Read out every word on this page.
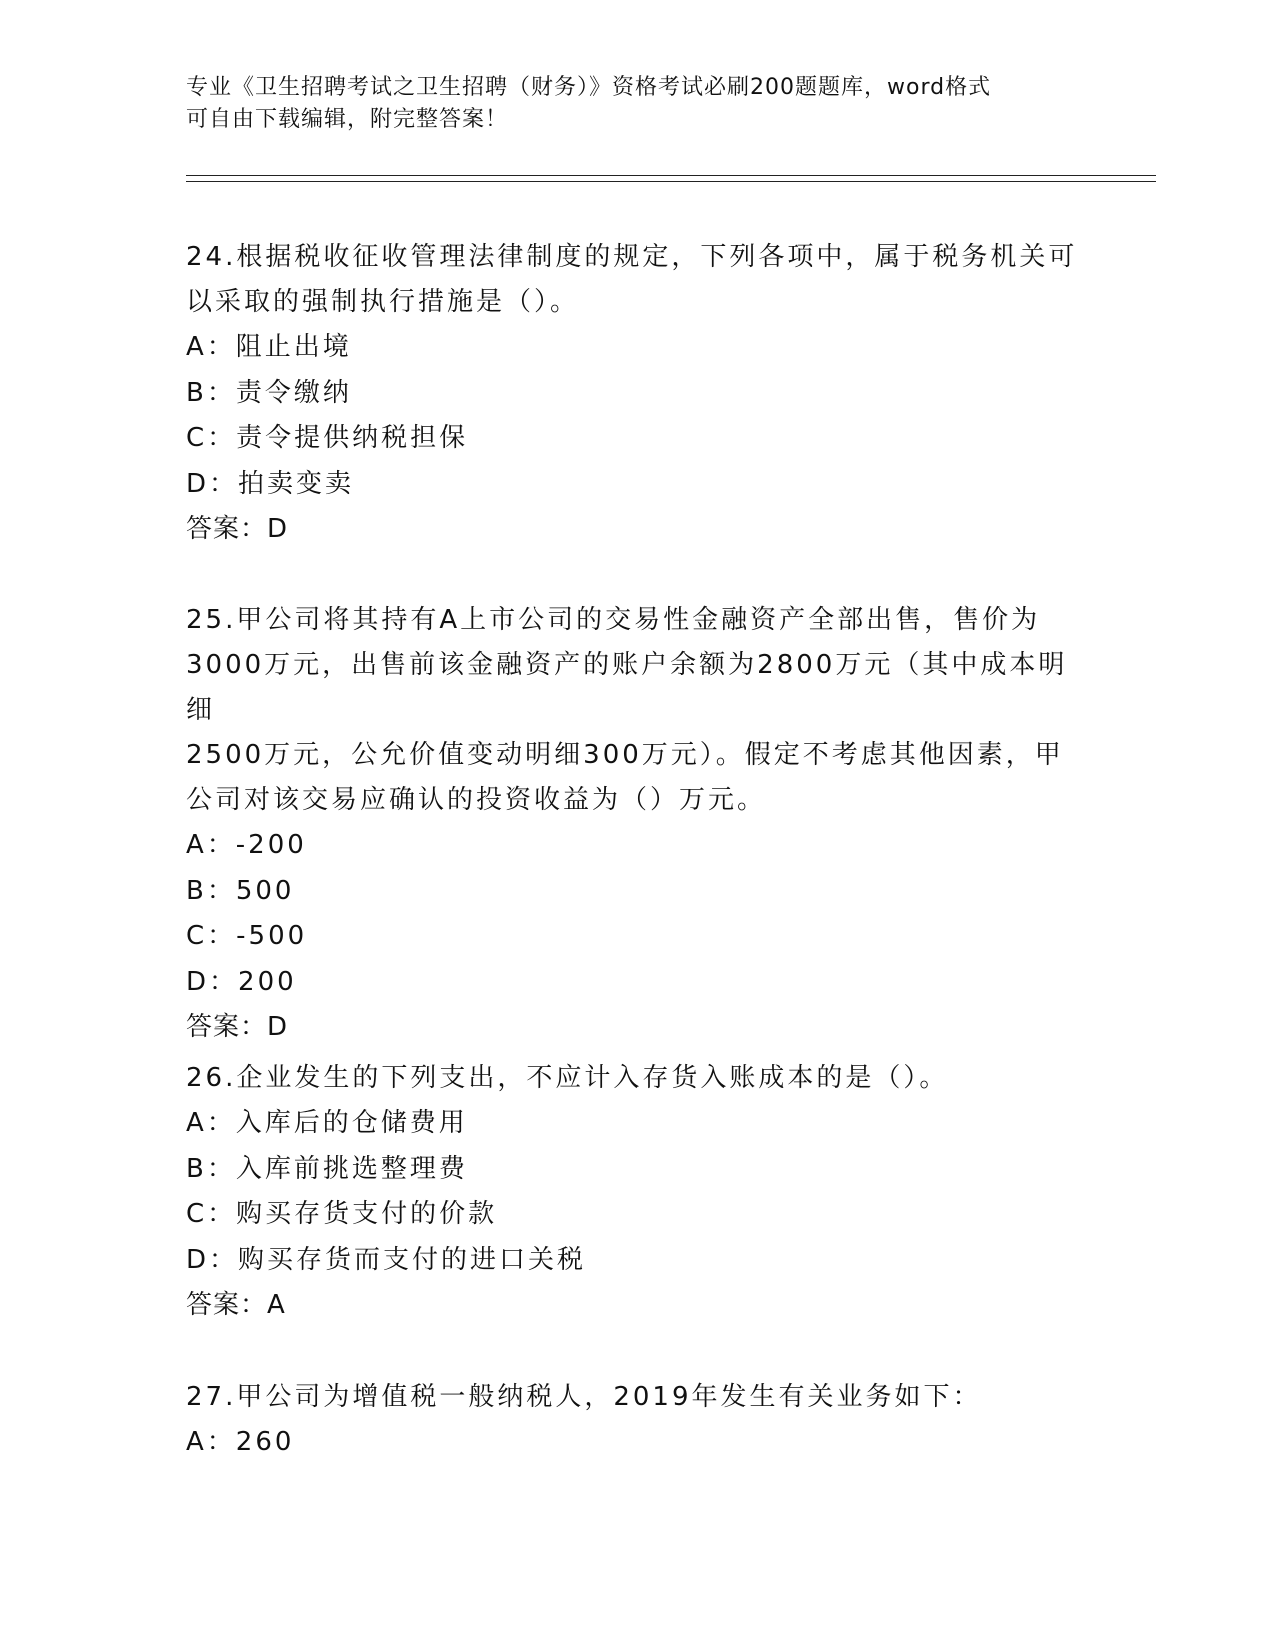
专业《卫生招聘考试之卫生招聘（财务）》资格考试必刷200题题库，word格式
可自由下载编辑，附完整答案！

24.根据税收征收管理法律制度的规定，下列各项中，属于税务机关可

以采取的强制执行措施是（）。

A：阻止出境

B：责令缴纳

C：责令提供纳税担保

D：拍卖变卖

答案：D

25.甲公司将其持有A上市公司的交易性金融资产全部出售，售价为

3000万元，出售前该金融资产的账户余额为2800万元（其中成本明细

2500万元，公允价值变动明细300万元）。假定不考虑其他因素，甲

公司对该交易应确认的投资收益为（）万元。

A：-200

B：500

C：-500

D：200

答案：D

26.企业发生的下列支出，不应计入存货入账成本的是（）。

A：入库后的仓储费用

B：入库前挑选整理费

C：购买存货支付的价款

D：购买存货而支付的进口关税

答案：A

27.甲公司为增值税一般纳税人，2019年发生有关业务如下：

A：260
